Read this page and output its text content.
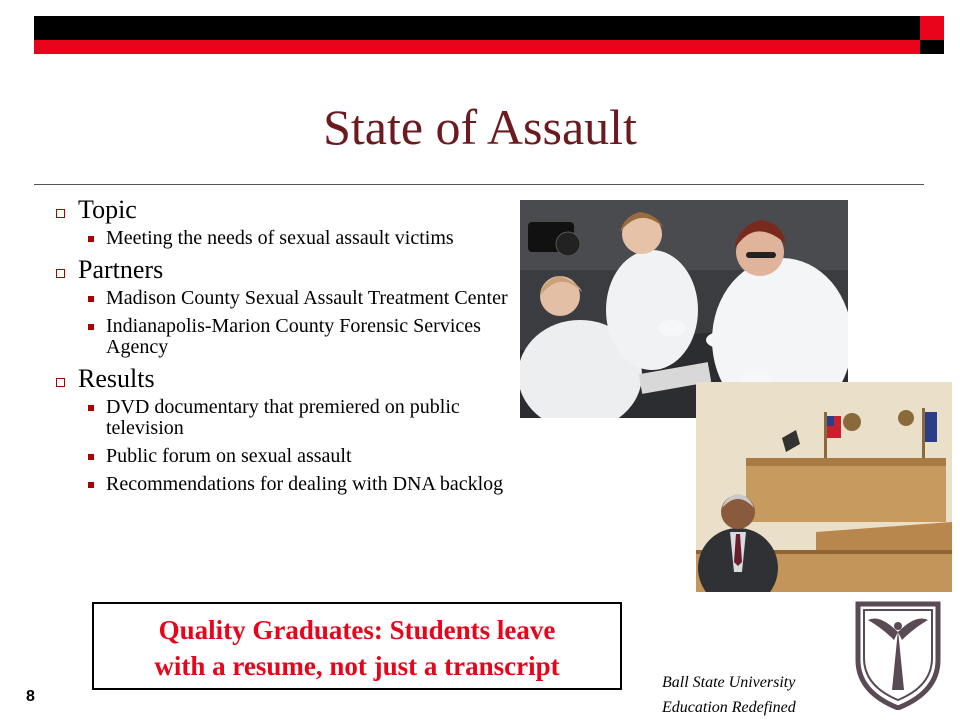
State of Assault
Topic
Meeting the needs of sexual assault victims
Partners
Madison County Sexual Assault Treatment Center
Indianapolis-Marion County Forensic Services Agency
Results
DVD documentary that premiered on public television
Public forum on sexual assault
Recommendations for dealing with DNA backlog
Quality Graduates: Students leave
with a resume, not just a transcript
8
Ball State University
Education Redefined
